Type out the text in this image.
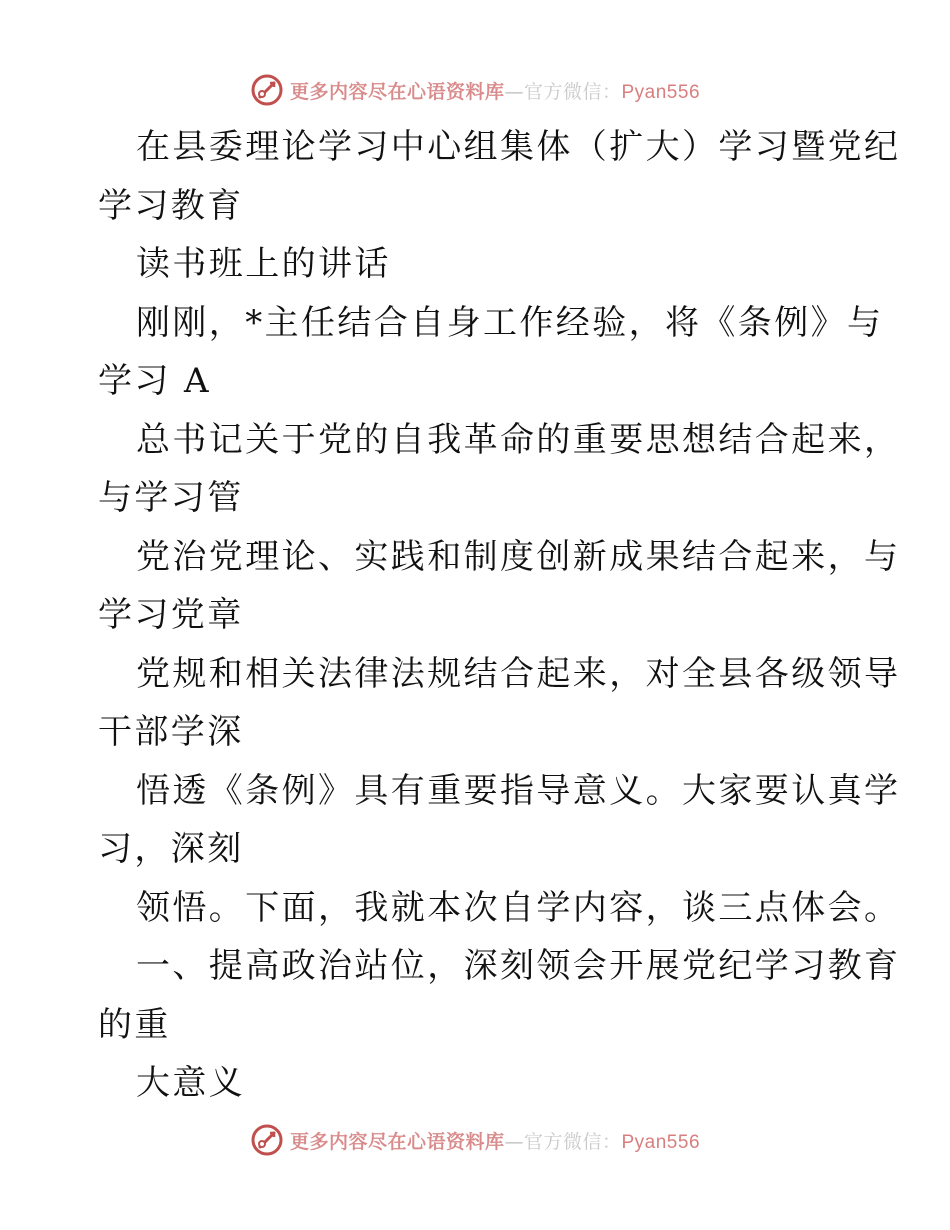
更多内容尽在心语资料库—官方微信：Pyan556
在县委理论学习中心组集体（扩大）学习暨党纪
学习教育
读书班上的讲话
刚刚，*主任结合自身工作经验，将《条例》与
学习 A
总书记关于党的自我革命的重要思想结合起来，
与学习管
党治党理论、实践和制度创新成果结合起来，与
学习党章
党规和相关法律法规结合起来，对全县各级领导
干部学深
悟透《条例》具有重要指导意义。大家要认真学
习，深刻
领悟。下面，我就本次自学内容，谈三点体会。
一、提高政治站位，深刻领会开展党纪学习教育
的重
大意义
更多内容尽在心语资料库—官方微信：Pyan556
